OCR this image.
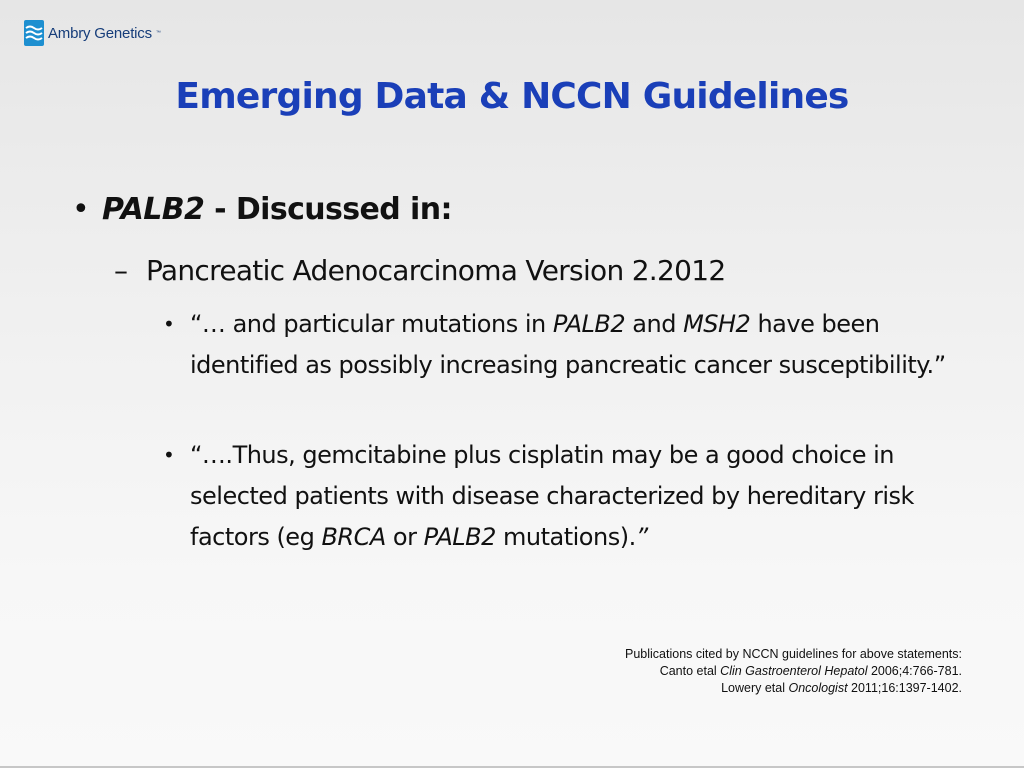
Ambry Genetics ™
Emerging Data & NCCN Guidelines
• PALB2 - Discussed in:
– Pancreatic Adenocarcinoma Version 2.2012
• “… and particular mutations in PALB2 and MSH2 have been identified as possibly increasing pancreatic cancer susceptibility.”
• “….Thus, gemcitabine plus cisplatin may be a good choice in selected patients with disease characterized by hereditary risk factors (eg BRCA or PALB2 mutations).”
Publications cited by NCCN guidelines for above statements:
Canto etal Clin Gastroenterol Hepatol 2006;4:766-781.
Lowery etal Oncologist 2011;16:1397-1402.
